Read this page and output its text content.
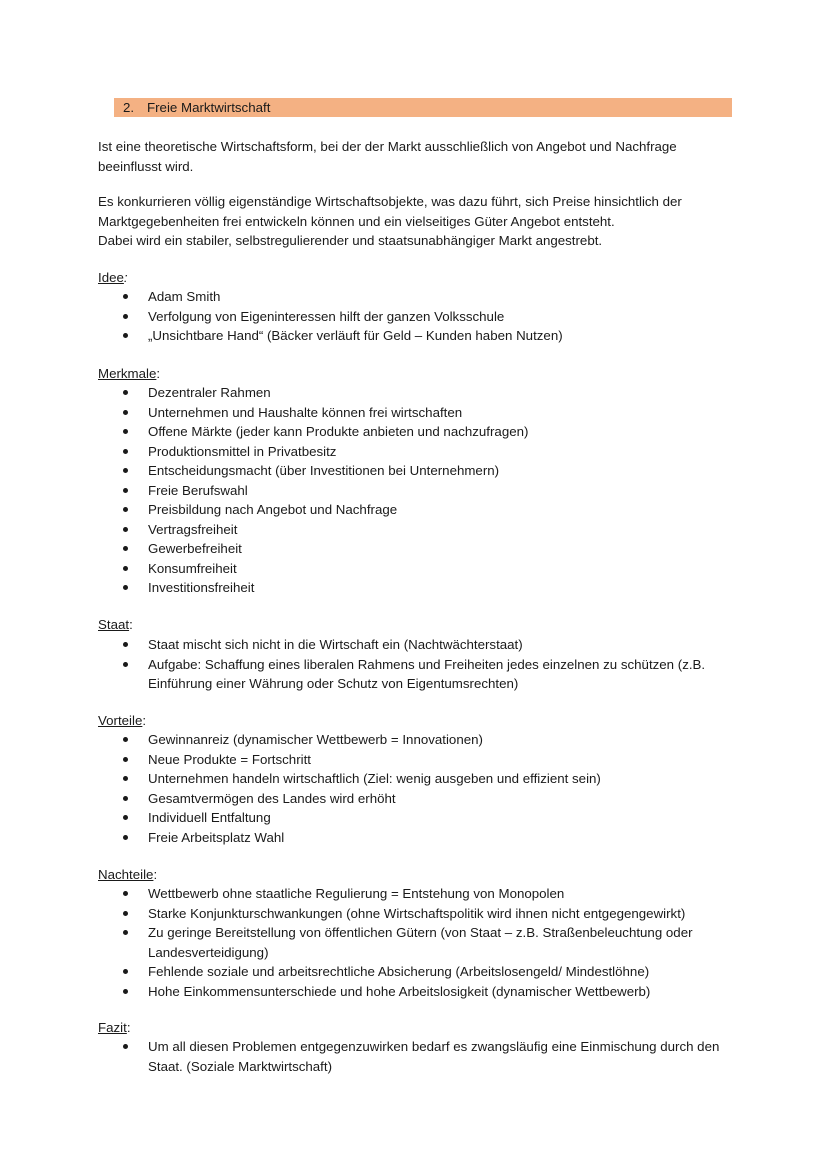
2. Freie Marktwirtschaft

Ist eine theoretische Wirtschaftsform, bei der der Markt ausschließlich von Angebot und Nachfrage beeinflusst wird.

Es konkurrieren völlig eigenständige Wirtschaftsobjekte, was dazu führt, sich Preise hinsichtlich der Marktgegebenheiten frei entwickeln können und ein vielseitiges Güter Angebot entsteht.
Dabei wird ein stabiler, selbstregulierender und staatsunabhängiger Markt angestrebt.

Idee:

Adam Smith
Verfolgung von Eigeninteressen hilft der ganzen Volksschule
„Unsichtbare Hand“ (Bäcker verläuft für Geld – Kunden haben Nutzen)

Merkmale:

Dezentraler Rahmen
Unternehmen und Haushalte können frei wirtschaften
Offene Märkte (jeder kann Produkte anbieten und nachzufragen)
Produktionsmittel in Privatbesitz
Entscheidungsmacht (über Investitionen bei Unternehmern)
Freie Berufswahl
Preisbildung nach Angebot und Nachfrage
Vertragsfreiheit
Gewerbefreiheit
Konsumfreiheit
Investitionsfreiheit

Staat:

Staat mischt sich nicht in die Wirtschaft ein (Nachtwächterstaat)
Aufgabe: Schaffung eines liberalen Rahmens und Freiheiten jedes einzelnen zu schützen (z.B. Einführung einer Währung oder Schutz von Eigentumsrechten)

Vorteile:

Gewinnanreiz (dynamischer Wettbewerb = Innovationen)
Neue Produkte = Fortschritt
Unternehmen handeln wirtschaftlich (Ziel: wenig ausgeben und effizient sein)
Gesamtvermögen des Landes wird erhöht
Individuell Entfaltung
Freie Arbeitsplatz Wahl

Nachteile:

Wettbewerb ohne staatliche Regulierung = Entstehung von Monopolen
Starke Konjunkturschwankungen (ohne Wirtschaftspolitik wird ihnen nicht entgegengewirkt)
Zu geringe Bereitstellung von öffentlichen Gütern (von Staat – z.B. Straßenbeleuchtung oder Landesverteidigung)
Fehlende soziale und arbeitsrechtliche Absicherung (Arbeitslosengeld/ Mindestlöhne)
Hohe Einkommensunterschiede und hohe Arbeitslosigkeit (dynamischer Wettbewerb)

Fazit:

Um all diesen Problemen entgegenzuwirken bedarf es zwangsläufig eine Einmischung durch den Staat. (Soziale Marktwirtschaft)
